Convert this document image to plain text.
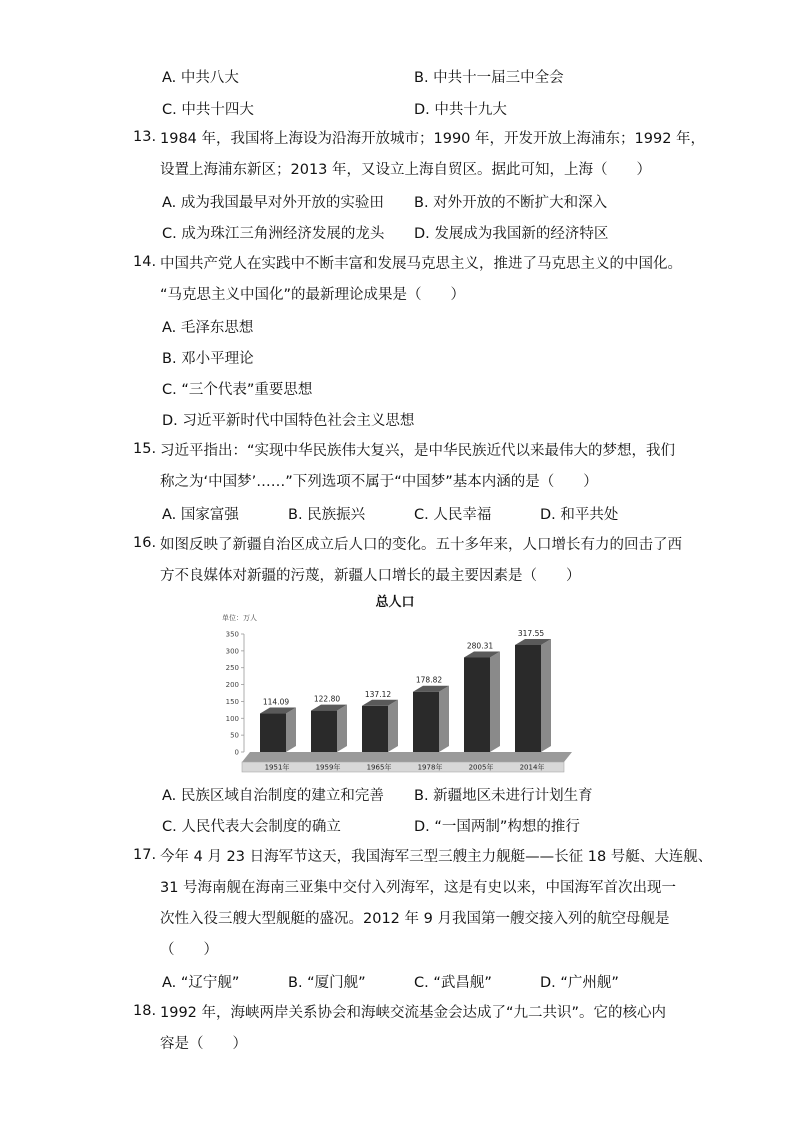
A. 中共八大	B. 中共十一届三中全会
C. 中共十四大	D. 中共十九大
13. 1984 年，我国将上海设为沿海开放城市；1990 年，开发开放上海浦东；1992 年，
设置上海浦东新区；2013 年，又设立上海自贸区。据此可知，上海（　　）
A. 成为我国最早对外开放的实验田 B. 对外开放的不断扩大和深入
C. 成为珠江三角洲经济发展的龙头 D. 发展成为我国新的经济特区
14. 中国共产党人在实践中不断丰富和发展马克思主义，推进了马克思主义的中国化。
“马克思主义中国化”的最新理论成果是（　　）
A. 毛泽东思想
B. 邓小平理论
C. “三个代表”重要思想
D. 习近平新时代中国特色社会主义思想
15. 习近平指出：“实现中华民族伟大复兴，是中华民族近代以来最伟大的梦想，我们
称之为‘中国梦’……”下列选项不属于“中国梦”基本内涵的是（　　）
A. 国家富强	B. 民族振兴	C. 人民幸福	D. 和平共处
16. 如图反映了新疆自治区成立后人口的变化。五十多年来，人口增长有力的回击了西
方不良媒体对新疆的污蔑，新疆人口增长的最主要因素是（　　）
总人口
单位：万人
0
50
100
150
200
250
300
350
114.09
1951年
122.80
1959年
137.12
1965年
178.82
1978年
280.31
2005年
317.55
2014年
A. 民族区域自治制度的建立和完善 B. 新疆地区未进行计划生育
C. 人民代表大会制度的确立	D. “一国两制”构想的推行
17. 今年 4 月 23 日海军节这天，我国海军三型三艘主力舰艇——长征 18 号艇、大连舰、
31 号海南舰在海南三亚集中交付入列海军，这是有史以来，中国海军首次出现一
次性入役三艘大型舰艇的盛况。2012 年 9 月我国第一艘交接入列的航空母舰是
（　　）
A. “辽宁舰”	B. “厦门舰”	C. “武昌舰”	D. “广州舰”
18. 1992 年，海峡两岸关系协会和海峡交流基金会达成了“九二共识”。它的核心内
容是（　　）
